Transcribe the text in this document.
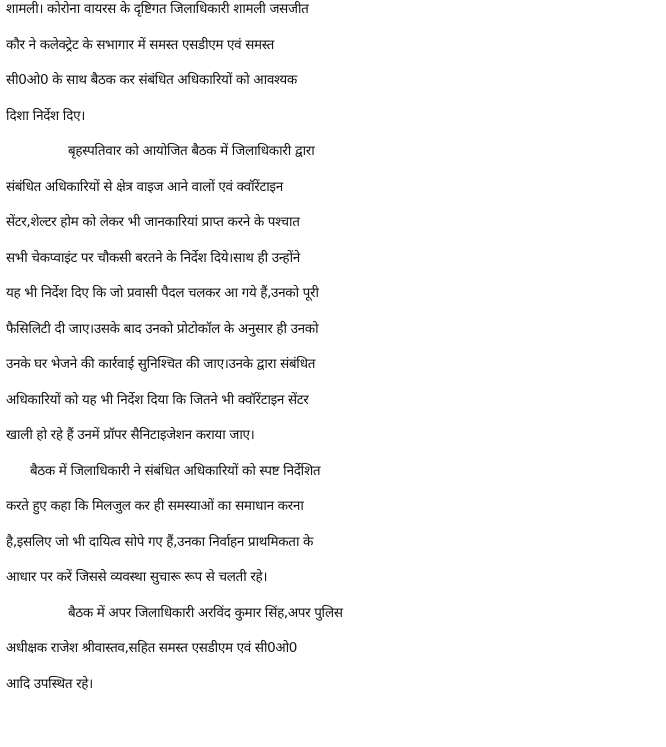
शामली। कोरोना वायरस के दृष्टिगत जिलाधिकारी शामली जसजीत
कौर ने कलेक्ट्रेट के सभागार में समस्त एसडीएम एवं समस्त
सी0ओ0 के साथ बैठक कर संबंधित अधिकारियों को आवश्यक
दिशा निर्देश दिए।
बृहस्पतिवार को आयोजित बैठक में जिलाधिकारी द्वारा
संबंधित अधिकारियों से क्षेत्र वाइज आने वालों एवं क्वॉरेंटाइन
सेंटर,शेल्टर होम को लेकर भी जानकारियां प्राप्त करने के पश्चात
सभी चेकप्वाइंट पर चौकसी बरतने के निर्देश दिये।साथ ही उन्होंने
यह भी निर्देश दिए कि जो प्रवासी पैदल चलकर आ गये हैं,उनको पूरी
फैसिलिटी दी जाए।उसके बाद उनको प्रोटोकॉल के अनुसार ही उनको
उनके घर भेजने की कार्रवाई सुनिश्चित की जाए।उनके द्वारा संबंधित
अधिकारियों को यह भी निर्देश दिया कि जितने भी क्वॉरेंटाइन सेंटर
खाली हो रहे हैं उनमें प्रॉपर सैनिटाइजेशन कराया जाए।
बैठक में जिलाधिकारी ने संबंधित अधिकारियों को स्पष्ट निर्देशित
करते हुए कहा कि मिलजुल कर ही समस्याओं का समाधान करना
है,इसलिए जो भी दायित्व सोपे गए हैं,उनका निर्वाहन प्राथमिकता के
आधार पर करें जिससे व्यवस्था सुचारू रूप से चलती रहे।
बैठक में अपर जिलाधिकारी अरविंद कुमार सिंह,अपर पुलिस
अधीक्षक राजेश श्रीवास्तव,सहित समस्त एसडीएम एवं सी0ओ0
आदि उपस्थित रहे।
